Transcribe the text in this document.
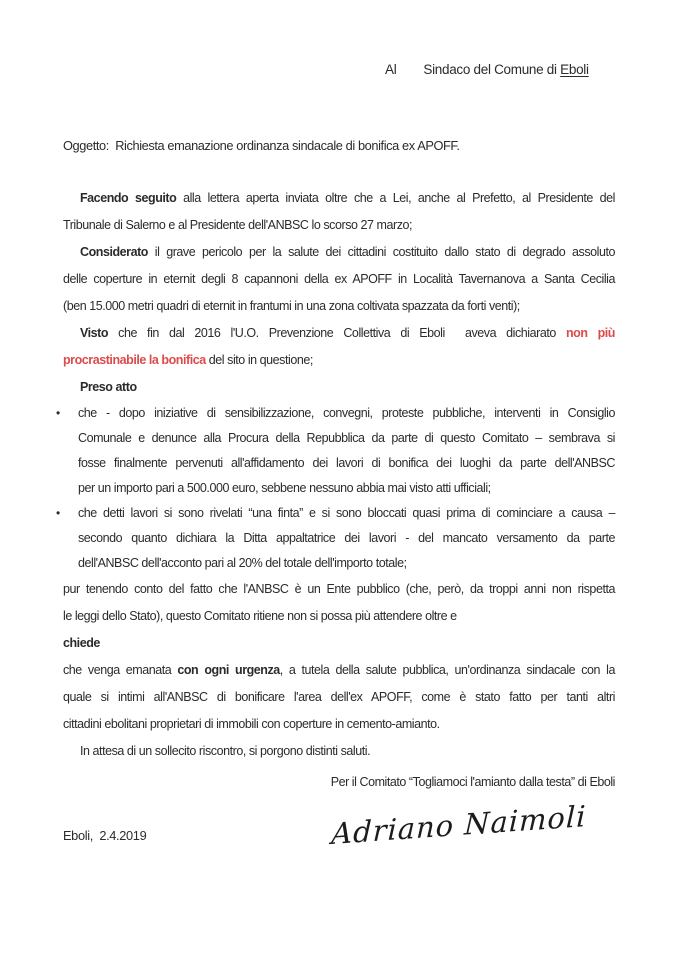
Al Sindaco del Comune di Eboli
Oggetto:  Richiesta emanazione ordinanza sindacale di bonifica ex APOFF.
Facendo seguito alla lettera aperta inviata oltre che a Lei, anche al Prefetto, al Presidente del
Tribunale di Salerno e al Presidente dell'ANBSC lo scorso 27 marzo;
Considerato il grave pericolo per la salute dei cittadini costituito dallo stato di degrado assoluto
delle coperture in eternit degli 8 capannoni della ex APOFF in Località Tavernanova a Santa Cecilia
(ben 15.000 metri quadri di eternit in frantumi in una zona coltivata spazzata da forti venti);
Visto che fin dal 2016 l'U.O. Prevenzione Collettiva di Eboli  aveva dichiarato non più
procrastinabile la bonifica del sito in questione;
Preso atto
• che - dopo iniziative di sensibilizzazione, convegni, proteste pubbliche, interventi in Consiglio
Comunale e denunce alla Procura della Repubblica da parte di questo Comitato – sembrava si
fosse finalmente pervenuti all'affidamento dei lavori di bonifica dei luoghi da parte dell'ANBSC
per un importo pari a 500.000 euro, sebbene nessuno abbia mai visto atti ufficiali;
• che detti lavori si sono rivelati “una finta” e si sono bloccati quasi prima di cominciare a causa –
secondo quanto dichiara la Ditta appaltatrice dei lavori - del mancato versamento da parte
dell'ANBSC dell'acconto pari al 20% del totale dell'importo totale;
pur tenendo conto del fatto che l'ANBSC è un Ente pubblico (che, però, da troppi anni non rispetta
le leggi dello Stato), questo Comitato ritiene non si possa più attendere oltre e
chiede
che venga emanata con ogni urgenza, a tutela della salute pubblica, un'ordinanza sindacale con la
quale si intimi all'ANBSC di bonificare l'area dell'ex APOFF, come è stato fatto per tanti altri
cittadini ebolitani proprietari di immobili con coperture in cemento-amianto.
In attesa di un sollecito riscontro, si porgono distinti saluti.
Per il Comitato “Togliamoci l'amianto dalla testa” di Eboli
Eboli,  2.4.2019	Adriano Naimoli
